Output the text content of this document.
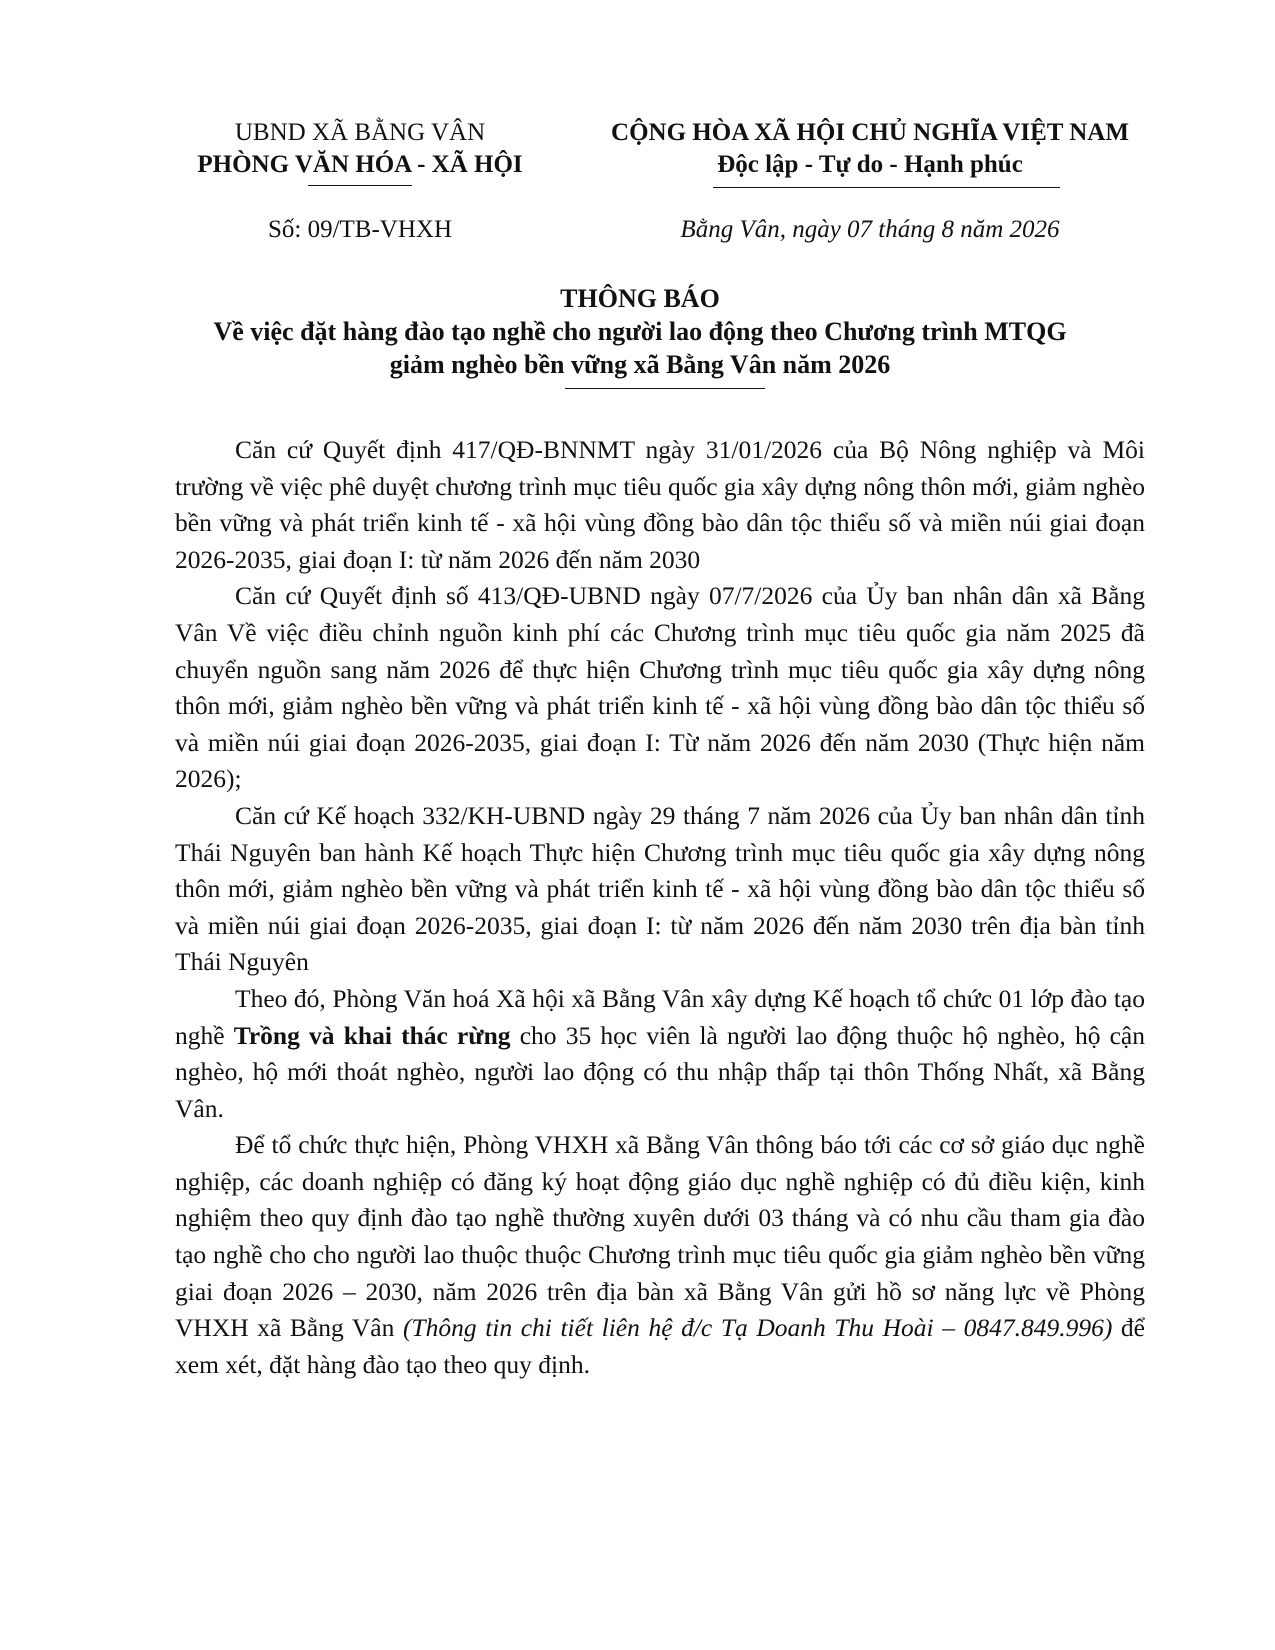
UBND XÃ BẰNG VÂN
PHÒNG VĂN HÓA - XÃ HỘI
CỘNG HÒA XÃ HỘI CHỦ NGHĨA VIỆT NAM
Độc lập - Tự do - Hạnh phúc
Số: 09/TB-VHXH	Bằng Vân, ngày 07 tháng 8 năm 2026
THÔNG BÁO
Về việc đặt hàng đào tạo nghề cho người lao động theo Chương trình MTQG
giảm nghèo bền vững xã Bằng Vân năm 2026

Căn cứ Quyết định 417/QĐ-BNNMT ngày 31/01/2026 của Bộ Nông nghiệp và Môi trường về việc phê duyệt chương trình mục tiêu quốc gia xây dựng nông thôn mới, giảm nghèo bền vững và phát triển kinh tế - xã hội vùng đồng bào dân tộc thiểu số và miền núi giai đoạn 2026-2035, giai đoạn I: từ năm 2026 đến năm 2030

Căn cứ Quyết định số 413/QĐ-UBND ngày 07/7/2026 của Ủy ban nhân dân xã Bằng Vân Về việc điều chỉnh nguồn kinh phí các Chương trình mục tiêu quốc gia năm 2025 đã chuyển nguồn sang năm 2026 để thực hiện Chương trình mục tiêu quốc gia xây dựng nông thôn mới, giảm nghèo bền vững và phát triển kinh tế - xã hội vùng đồng bào dân tộc thiểu số và miền núi giai đoạn 2026-2035, giai đoạn I: Từ năm 2026 đến năm 2030 (Thực hiện năm 2026);

Căn cứ Kế hoạch 332/KH-UBND ngày 29 tháng 7 năm 2026 của Ủy ban nhân dân tỉnh Thái Nguyên ban hành Kế hoạch Thực hiện Chương trình mục tiêu quốc gia xây dựng nông thôn mới, giảm nghèo bền vững và phát triển kinh tế - xã hội vùng đồng bào dân tộc thiểu số và miền núi giai đoạn 2026-2035, giai đoạn I: từ năm 2026 đến năm 2030 trên địa bàn tỉnh Thái Nguyên

Theo đó, Phòng Văn hoá Xã hội xã Bằng Vân xây dựng Kế hoạch tổ chức 01 lớp đào tạo nghề Trồng và khai thác rừng cho 35 học viên là người lao động thuộc hộ nghèo, hộ cận nghèo, hộ mới thoát nghèo, người lao động có thu nhập thấp tại thôn Thống Nhất, xã Bằng Vân.

Để tổ chức thực hiện, Phòng VHXH xã Bằng Vân thông báo tới các cơ sở giáo dục nghề nghiệp, các doanh nghiệp có đăng ký hoạt động giáo dục nghề nghiệp có đủ điều kiện, kinh nghiệm theo quy định đào tạo nghề thường xuyên dưới 03 tháng và có nhu cầu tham gia đào tạo nghề cho cho người lao thuộc thuộc Chương trình mục tiêu quốc gia giảm nghèo bền vững giai đoạn 2026 – 2030, năm 2026 trên địa bàn xã Bằng Vân gửi hồ sơ năng lực về Phòng VHXH xã Bằng Vân (Thông tin chi tiết liên hệ đ/c Tạ Doanh Thu Hoài – 0847.849.996) để xem xét, đặt hàng đào tạo theo quy định.
